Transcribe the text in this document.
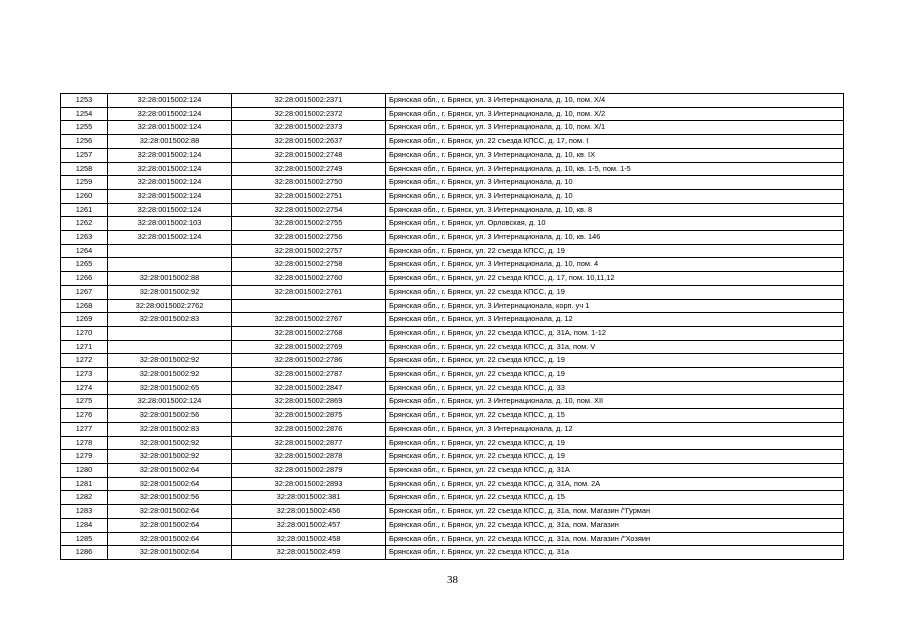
1253	32:28:0015002:124	32:28:0015002:2371	Брянская обл., г. Брянск, ул. 3 Интернационала, д. 10, пом. Х/4
1254	32:28:0015002:124	32:28:0015002:2372	Брянская обл., г. Брянск, ул. 3 Интернационала, д. 10, пом. Х/2
1255	32:28:0015002:124	32:28:0015002:2373	Брянская обл., г. Брянск, ул. 3 Интернационала, д. 10, пом. Х/1
1256	32:28:0015002:88	32:28:0015002:2637	Брянская обл., г. Брянск, ул. 22 съезда КПСС, д. 17, пом. I
1257	32:28:0015002:124	32:28:0015002:2748	Брянская обл., г. Брянск, ул. 3 Интернационала, д. 10, кв. IX
1258	32:28:0015002:124	32:28:0015002:2749	Брянская обл., г. Брянск, ул. 3 Интернационала, д. 10, кв. 1-5, пом. 1-5
1259	32:28:0015002:124	32:28:0015002:2750	Брянская обл., г. Брянск, ул. 3 Интернационала, д. 10
1260	32:28:0015002:124	32:28:0015002:2751	Брянская обл., г. Брянск, ул. 3 Интернационала, д. 10
1261	32:28:0015002:124	32:28:0015002:2754	Брянская обл., г. Брянск, ул. 3 Интернационала, д. 10, кв. 8
1262	32:28:0015002:103	32:28:0015002:2755	Брянская обл., г. Брянск, ул. Орловская, д. 10
1263	32:28:0015002:124	32:28:0015002:2756	Брянская обл., г. Брянск, ул. 3 Интернационала, д. 10, кв. 146
1264		32:28:0015002:2757	Брянская обл., г. Брянск, ул. 22 съезда КПСС, д. 19
1265		32:28:0015002:2758	Брянская обл., г. Брянск, ул. 3 Интернационала, д. 10, пом. 4
1266	32:28:0015002:88	32:28:0015002:2760	Брянская обл., г. Брянск, ул. 22 съезда КПСС, д. 17, пом. 10,11,12
1267	32:28:0015002:92	32:28:0015002:2761	Брянская обл., г. Брянск, ул. 22 съезда КПСС, д. 19
1268	32:28:0015002:2762		Брянская обл., г. Брянск, ул. 3 Интернационала, корп. уч 1
1269	32:28:0015002:83	32:28:0015002:2767	Брянская обл., г. Брянск, ул. 3 Интернационала, д. 12
1270		32:28:0015002:2768	Брянская обл., г. Брянск, ул. 22 съезда КПСС, д. 31А, пом. 1-12
1271		32:28:0015002:2769	Брянская обл., г. Брянск, ул. 22 съезда КПСС, д. 31а, пом. V
1272	32:28:0015002:92	32:28:0015002:2786	Брянская обл., г. Брянск, ул. 22 съезда КПСС, д. 19
1273	32:28:0015002:92	32:28:0015002:2787	Брянская обл., г. Брянск, ул. 22 съезда КПСС, д. 19
1274	32:28:0015002:65	32:28:0015002:2847	Брянская обл., г. Брянск, ул. 22 съезда КПСС, д. 33
1275	32:28:0015002:124	32:28:0015002:2869	Брянская обл., г. Брянск, ул. 3 Интернационала, д. 10, пом. XII
1276	32:28:0015002:56	32:28:0015002:2875	Брянская обл., г. Брянск, ул. 22 съезда КПСС, д. 15
1277	32:28:0015002:83	32:28:0015002:2876	Брянская обл., г. Брянск, ул. 3 Интернационала, д. 12
1278	32:28:0015002:92	32:28:0015002:2877	Брянская обл., г. Брянск, ул. 22 съезда КПСС, д. 19
1279	32:28:0015002:92	32:28:0015002:2878	Брянская обл., г. Брянск, ул. 22 съезда КПСС, д. 19
1280	32:28:0015002:64	32:28:0015002:2879	Брянская обл., г. Брянск, ул. 22 съезда КПСС, д. 31А
1281	32:28:0015002:64	32:28:0015002:2893	Брянская обл., г. Брянск, ул. 22 съезда КПСС, д. 31А, пом. 2А
1282	32:28:0015002:56	32:28:0015002:381	Брянская обл., г. Брянск, ул. 22 съезда КПСС, д. 15
1283	32:28:0015002:64	32:28:0015002:456	Брянская обл., г. Брянск, ул. 22 съезда КПСС, д. 31а, пом. Магазин /"Гурман
1284	32:28:0015002:64	32:28:0015002:457	Брянская обл., г. Брянск, ул. 22 съезда КПСС, д. 31а, пом. Магазин
1285	32:28:0015002:64	32:28:0015002:458	Брянская обл., г. Брянск, ул. 22 съезда КПСС, д. 31а, пом. Магазин /"Хозяин
1286	32:28:0015002:64	32:28:0015002:459	Брянская обл., г. Брянск, ул. 22 съезда КПСС, д. 31а
38
